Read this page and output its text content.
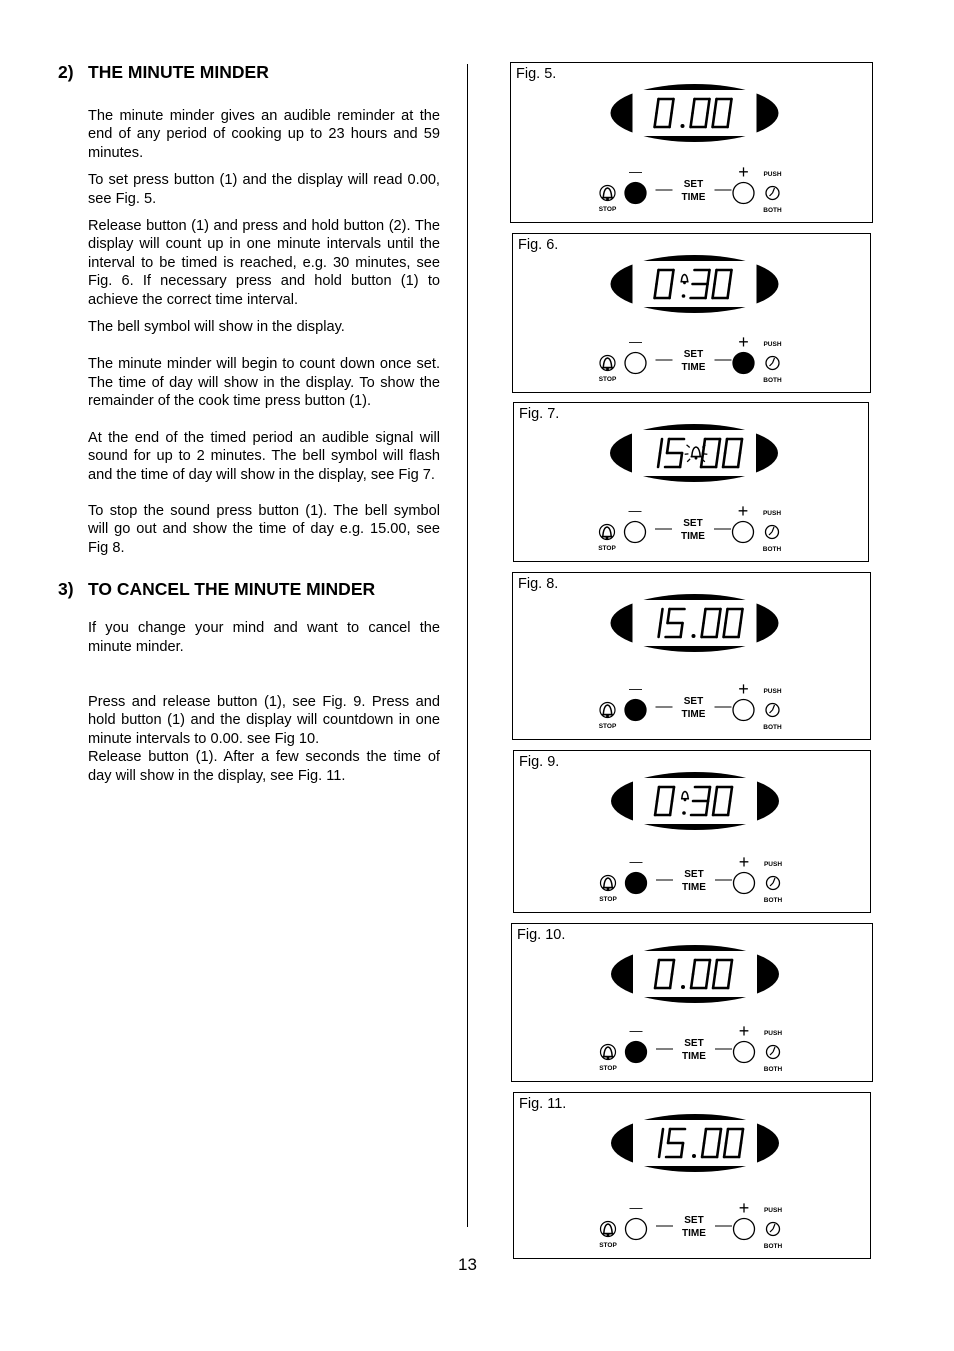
2) THE MINUTE MINDER

The minute minder gives an audible reminder at the end of any period of cooking up to 23 hours and 59 minutes.

To set press button (1) and the display will read 0.00, see Fig. 5.

Release button (1) and press and hold button (2). The display will count up in one minute intervals until the interval to be timed is reached, e.g. 30 minutes, see Fig. 6. If necessary press and hold button (1) to achieve the correct time interval.

The bell symbol will show in the display.

The minute minder will begin to count down once set. The time of day will show in the display. To show the remainder of the cook time press button (1).

At the end of the timed period an audible signal will sound for up to 2 minutes. The bell symbol will flash and the time of day will show in the display, see Fig 7.

To stop the sound press button (1). The bell symbol will go out and show the time of day e.g. 15.00, see Fig 8.

3) TO CANCEL THE MINUTE MINDER

If you change your mind and want to cancel the minute minder.

Press and release button (1), see Fig. 9. Press and hold button (1) and the display will countdown in one minute intervals to 0.00. see Fig 10.

Release button (1). After a few seconds the time of day will show in the display, see Fig. 11.

Fig. 5.
STOP
—
SET
TIME
+ PUSH
BOTH
Fig. 6.
STOP
—
SET
TIME
+ PUSH
BOTH
Fig. 7.
STOP
—
SET
TIME
+ PUSH
BOTH
Fig. 8.
STOP
—
SET
TIME
+ PUSH
BOTH
Fig. 9.
STOP
—
SET
TIME
+ PUSH
BOTH
Fig. 10.
STOP
—
SET
TIME
+ PUSH
BOTH
Fig. 11.
STOP
—
SET
TIME
+ PUSH
BOTH
13
